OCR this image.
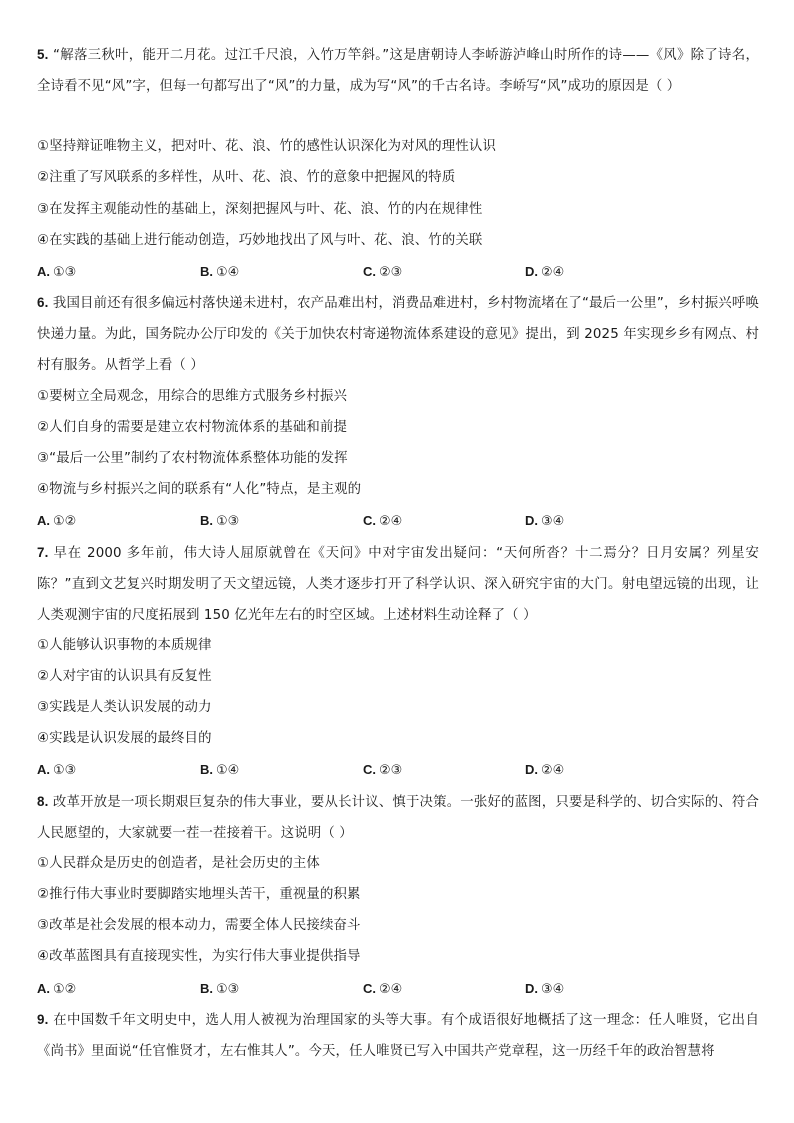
5. “解落三秋叶，能开二月花。过江千尺浪，入竹万竿斜。”这是唐朝诗人李峤游泸峰山时所作的诗——《风》除了诗名，全诗看不见“风”字，但每一句都写出了“风”的力量，成为写“风”的千古名诗。李峤写“风”成功的原因是（ ）
①坚持辩证唯物主义，把对叶、花、浪、竹的感性认识深化为对风的理性认识
②注重了写风联系的多样性，从叶、花、浪、竹的意象中把握风的特质
③在发挥主观能动性的基础上，深刻把握风与叶、花、浪、竹的内在规律性
④在实践的基础上进行能动创造，巧妙地找出了风与叶、花、浪、竹的关联
A. ①③	B. ①④	C. ②③	D. ②④
6. 我国目前还有很多偏远村落快递未进村，农产品难出村，消费品难进村，乡村物流堵在了“最后一公里”，乡村振兴呼唤快递力量。为此，国务院办公厅印发的《关于加快农村寄递物流体系建设的意见》提出，到 2025 年实现乡乡有网点、村村有服务。从哲学上看（ ）
①要树立全局观念，用综合的思维方式服务乡村振兴
②人们自身的需要是建立农村物流体系的基础和前提
③“最后一公里”制约了农村物流体系整体功能的发挥
④物流与乡村振兴之间的联系有“人化”特点，是主观的
A. ①②	B. ①③	C. ②④	D. ③④
7. 早在 2000 多年前，伟大诗人屈原就曾在《天问》中对宇宙发出疑问：“天何所沓？十二焉分？日月安属？列星安陈？”直到文艺复兴时期发明了天文望远镜，人类才逐步打开了科学认识、深入研究宇宙的大门。射电望远镜的出现，让人类观测宇宙的尺度拓展到 150 亿光年左右的时空区域。上述材料生动诠释了（ ）
①人能够认识事物的本质规律
②人对宇宙的认识具有反复性
③实践是人类认识发展的动力
④实践是认识发展的最终目的
A. ①③	B. ①④	C. ②③	D. ②④
8. 改革开放是一项长期艰巨复杂的伟大事业，要从长计议、慎于决策。一张好的蓝图，只要是科学的、切合实际的、符合人民愿望的，大家就要一茬一茬接着干。这说明（ ）
①人民群众是历史的创造者，是社会历史的主体
②推行伟大事业时要脚踏实地埋头苦干，重视量的积累
③改革是社会发展的根本动力，需要全体人民接续奋斗
④改革蓝图具有直接现实性，为实行伟大事业提供指导
A. ①②	B. ①③	C. ②④	D. ③④
9. 在中国数千年文明史中，选人用人被视为治理国家的头等大事。有个成语很好地概括了这一理念：任人唯贤，它出自《尚书》里面说“任官惟贤才，左右惟其人”。今天，任人唯贤已写入中国共产党章程，这一历经千年的政治智慧将
